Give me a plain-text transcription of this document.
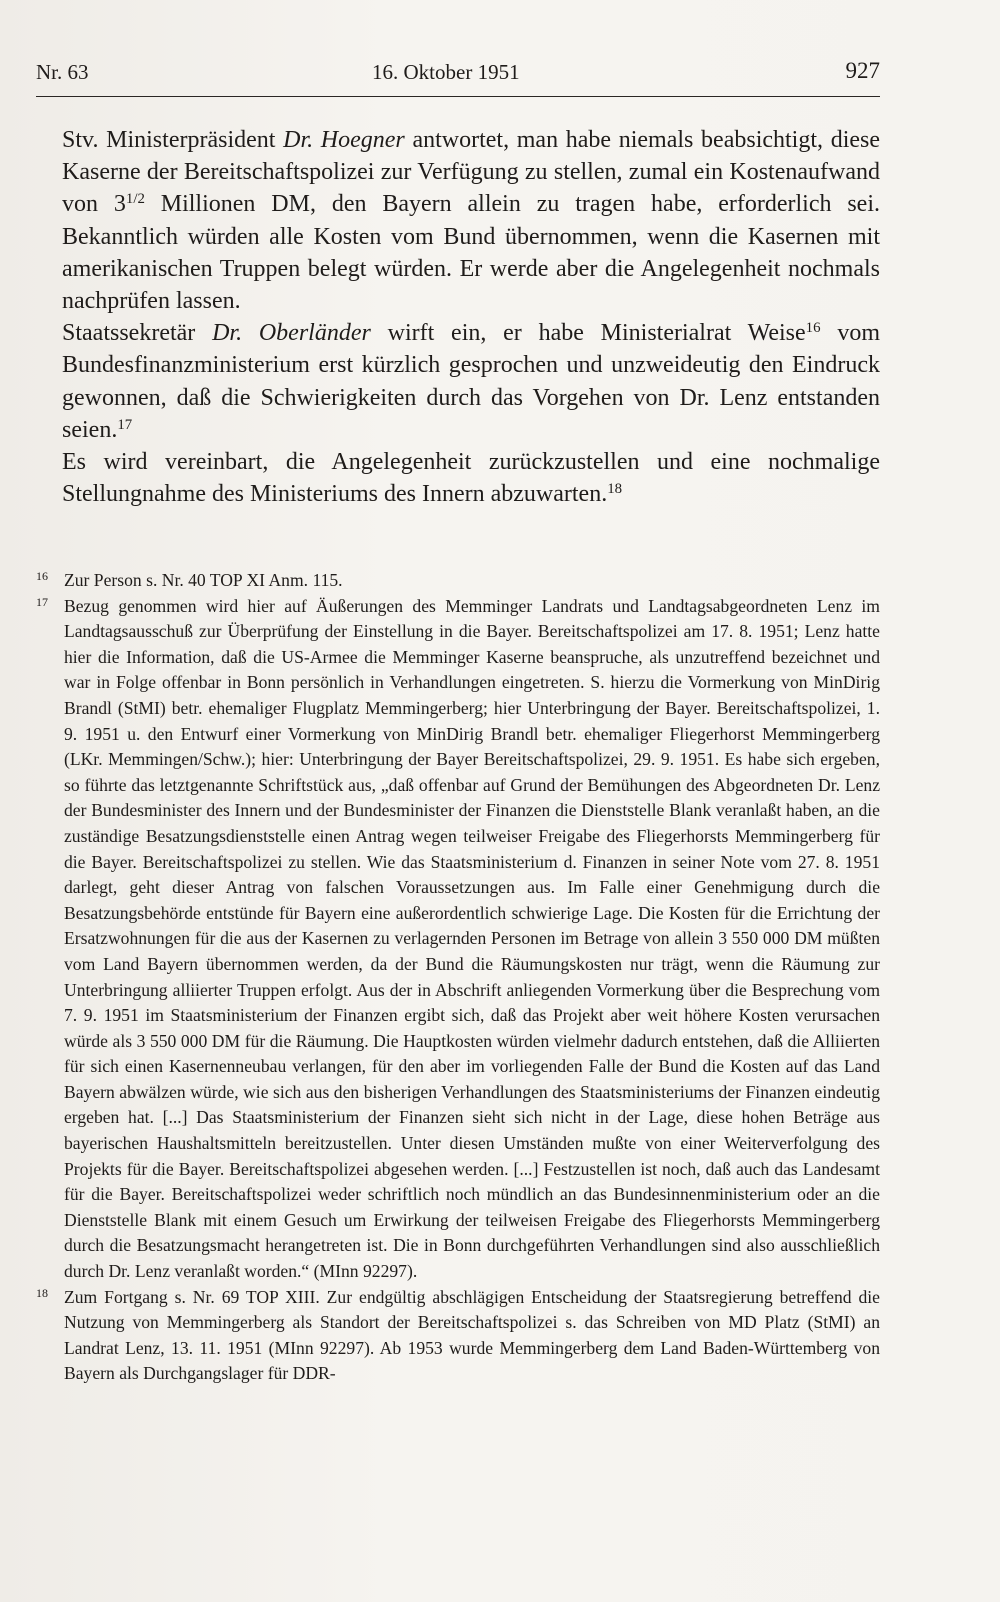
Nr. 63	16. Oktober 1951	927

Stv. Ministerpräsident Dr. Hoegner antwortet, man habe niemals beabsichtigt, diese Kaserne der Bereitschaftspolizei zur Verfügung zu stellen, zumal ein Kostenaufwand von $3^{1/2}$ Millionen DM, den Bayern allein zu tragen habe, erforderlich sei. Bekanntlich würden alle Kosten vom Bund übernommen, wenn die Kasernen mit amerikanischen Truppen belegt würden. Er werde aber die Angelegenheit nochmals nachprüfen lassen.

Staatssekretär Dr. Oberländer wirft ein, er habe Ministerialrat Weise$^{16}$ vom Bundesfinanzministerium erst kürzlich gesprochen und unzweideutig den Eindruck gewonnen, daß die Schwierigkeiten durch das Vorgehen von Dr. Lenz entstanden seien.$^{17}$

Es wird vereinbart, die Angelegenheit zurückzustellen und eine nochmalige Stellungnahme des Ministeriums des Innern abzuwarten.$^{18}$

16 Zur Person s. Nr. 40 TOP XI Anm. 115.

17 Bezug genommen wird hier auf Äußerungen des Memminger Landrats und Landtagsabgeordneten Lenz im Landtagsausschuß zur Überprüfung der Einstellung in die Bayer. Bereitschaftspolizei am 17. 8. 1951; Lenz hatte hier die Information, daß die US-Armee die Memminger Kaserne beanspruche, als unzutreffend bezeichnet und war in Folge offenbar in Bonn persönlich in Verhandlungen eingetreten. S. hierzu die Vormerkung von MinDirig Brandl (StMI) betr. ehemaliger Flugplatz Memmingerberg; hier Unterbringung der Bayer. Bereitschaftspolizei, 1. 9. 1951 u. den Entwurf einer Vormerkung von MinDirig Brandl betr. ehemaliger Fliegerhorst Memmingerberg (LKr. Memmingen/Schw.); hier: Unterbringung der Bayer Bereitschaftspolizei, 29. 9. 1951. Es habe sich ergeben, so führte das letztgenannte Schriftstück aus, „daß offenbar auf Grund der Bemühungen des Abgeordneten Dr. Lenz der Bundesminister des Innern und der Bundesminister der Finanzen die Dienststelle Blank veranlaßt haben, an die zuständige Besatzungsdienststelle einen Antrag wegen teilweiser Freigabe des Fliegerhorsts Memmingerberg für die Bayer. Bereitschaftspolizei zu stellen. Wie das Staatsministerium d. Finanzen in seiner Note vom 27. 8. 1951 darlegt, geht dieser Antrag von falschen Voraussetzungen aus. Im Falle einer Genehmigung durch die Besatzungsbehörde entstünde für Bayern eine außerordentlich schwierige Lage. Die Kosten für die Errichtung der Ersatzwohnungen für die aus der Kasernen zu verlagernden Personen im Betrage von allein 3 550 000 DM müßten vom Land Bayern übernommen werden, da der Bund die Räumungskosten nur trägt, wenn die Räumung zur Unterbringung alliierter Truppen erfolgt. Aus der in Abschrift anliegenden Vormerkung über die Besprechung vom 7. 9. 1951 im Staatsministerium der Finanzen ergibt sich, daß das Projekt aber weit höhere Kosten verursachen würde als 3 550 000 DM für die Räumung. Die Hauptkosten würden vielmehr dadurch entstehen, daß die Alliierten für sich einen Kasernenneubau verlangen, für den aber im vorliegenden Falle der Bund die Kosten auf das Land Bayern abwälzen würde, wie sich aus den bisherigen Verhandlungen des Staatsministeriums der Finanzen eindeutig ergeben hat. [...] Das Staatsministerium der Finanzen sieht sich nicht in der Lage, diese hohen Beträge aus bayerischen Haushaltsmitteln bereitzustellen. Unter diesen Umständen mußte von einer Weiterverfolgung des Projekts für die Bayer. Bereitschaftspolizei abgesehen werden. [...] Festzustellen ist noch, daß auch das Landesamt für die Bayer. Bereitschaftspolizei weder schriftlich noch mündlich an das Bundesinnenministerium oder an die Dienststelle Blank mit einem Gesuch um Erwirkung der teilweisen Freigabe des Fliegerhorsts Memmingerberg durch die Besatzungsmacht herangetreten ist. Die in Bonn durchgeführten Verhandlungen sind also ausschließlich durch Dr. Lenz veranlaßt worden.“ (MInn 92297).

18 Zum Fortgang s. Nr. 69 TOP XIII. Zur endgültig abschlägigen Entscheidung der Staatsregierung betreffend die Nutzung von Memmingerberg als Standort der Bereitschaftspolizei s. das Schreiben von MD Platz (StMI) an Landrat Lenz, 13. 11. 1951 (MInn 92297). Ab 1953 wurde Memmingerberg dem Land Baden-Württemberg von Bayern als Durchgangslager für DDR-
